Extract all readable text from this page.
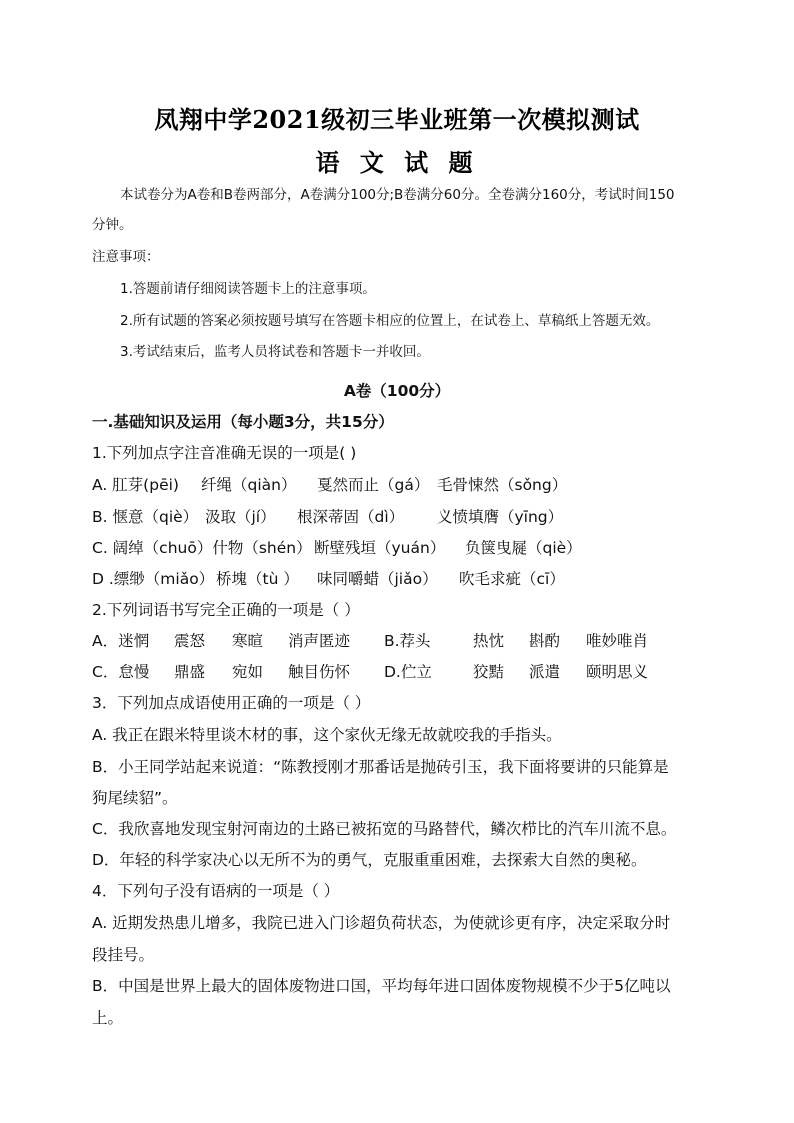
凤翔中学2021级初三毕业班第一次模拟测试
语 文 试 题
本试卷分为A卷和B卷两部分，A卷满分100分;B卷满分60分。全卷满分160分，考试时间150
分钟。
注意事项：
1.答题前请仔细阅读答题卡上的注意事项。
2.所有试题的答案必须按题号填写在答题卡相应的位置上，在试卷上、草稿纸上答题无效。
3.考试结束后，监考人员将试卷和答题卡一并收回。
A卷（100分）
一.基础知识及运用（每小题3分，共15分）
1.下列加点字注音准确无误的一项是( )
A. 肛芽(pēi) 纤绳（qiàn） 戛然而止（gá） 毛骨悚然（sǒng）
B. 惬意（qiè） 汲取（jí） 根深蒂固（dì） 义愤填膺（yīng）
C. 阔绰（chuō）什物（shén） 断壁残垣（yuán） 负箧曳屣（qiè）
D .缥缈（miǎo） 桥塊（tù ） 味同嚼蜡（jiǎo） 吹毛求疵（cī）
2.下列词语书写完全正确的一项是（ ）
A．迷惘 震怒 寒暄 消声匿迹 B.荐头	热忱 斟酌 唯妙唯肖
C．怠慢 鼎盛 宛如 触目伤怀 D.伫立	狡黠 派遣 颐明思义
3．下列加点成语使用正确的一项是（ ）
A. 我正在跟米特里谈木材的事，这个家伙无缘无故就咬我的手指头。
B．小王同学站起来说道：“陈教授刚才那番话是抛砖引玉，我下面将要讲的只能算是
狗尾续貂”。
C．我欣喜地发现宝射河南边的土路已被拓宽的马路替代，鳞次栉比的汽车川流不息。
D．年轻的科学家决心以无所不为的勇气，克服重重困难，去探索大自然的奥秘。
4．下列句子没有语病的一项是（ ）
A. 近期发热患儿增多，我院已进入门诊超负荷状态，为使就诊更有序，决定采取分时
段挂号。
B．中国是世界上最大的固体废物进口国，平均每年进口固体废物规模不少于5亿吨以
上。
